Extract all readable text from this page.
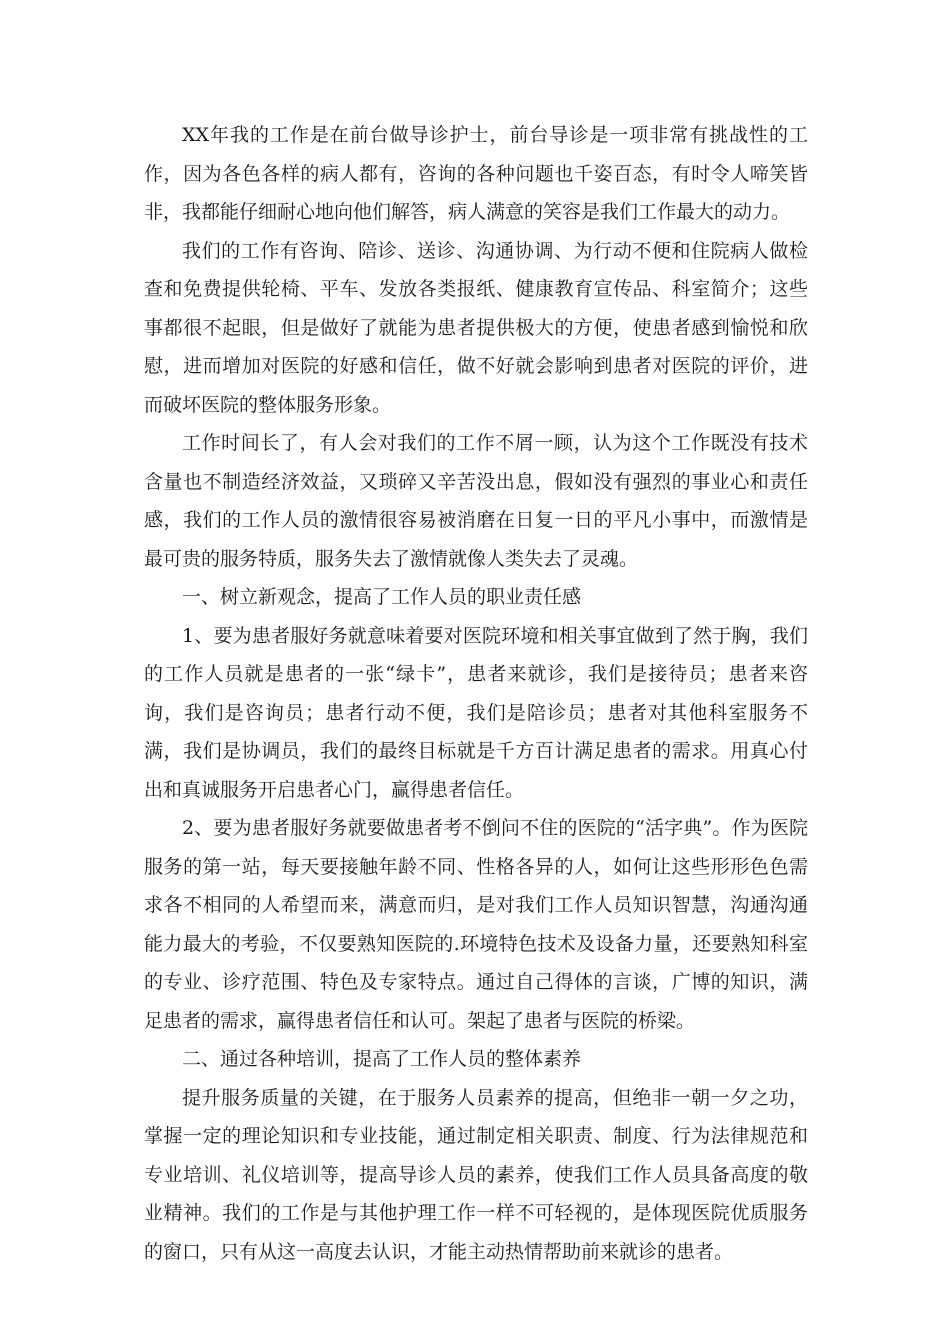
XX年我的工作是在前台做导诊护士，前台导诊是一项非常有挑战性的工作，因为各色各样的病人都有，咨询的各种问题也千姿百态，有时令人啼笑皆非，我都能仔细耐心地向他们解答，病人满意的笑容是我们工作最大的动力。

我们的工作有咨询、陪诊、送诊、沟通协调、为行动不便和住院病人做检查和免费提供轮椅、平车、发放各类报纸、健康教育宣传品、科室简介；这些事都很不起眼，但是做好了就能为患者提供极大的方便，使患者感到愉悦和欣慰，进而增加对医院的好感和信任，做不好就会影响到患者对医院的评价，进而破坏医院的整体服务形象。

工作时间长了，有人会对我们的工作不屑一顾，认为这个工作既没有技术含量也不制造经济效益，又琐碎又辛苦没出息，假如没有强烈的事业心和责任感，我们的工作人员的激情很容易被消磨在日复一日的平凡小事中，而激情是最可贵的服务特质，服务失去了激情就像人类失去了灵魂。

一、树立新观念，提高了工作人员的职业责任感

1、要为患者服好务就意味着要对医院环境和相关事宜做到了然于胸，我们的工作人员就是患者的一张“绿卡”，患者来就诊，我们是接待员；患者来咨询，我们是咨询员；患者行动不便，我们是陪诊员；患者对其他科室服务不满，我们是协调员，我们的最终目标就是千方百计满足患者的需求。用真心付出和真诚服务开启患者心门，赢得患者信任。

2、要为患者服好务就要做患者考不倒问不住的医院的“活字典”。作为医院服务的第一站，每天要接触年龄不同、性格各异的人，如何让这些形形色色需求各不相同的人希望而来，满意而归，是对我们工作人员知识智慧，沟通沟通能力最大的考验，不仅要熟知医院的.环境特色技术及设备力量，还要熟知科室的专业、诊疗范围、特色及专家特点。通过自己得体的言谈，广博的知识，满足患者的需求，赢得患者信任和认可。架起了患者与医院的桥梁。

二、通过各种培训，提高了工作人员的整体素养

提升服务质量的关键，在于服务人员素养的提高，但绝非一朝一夕之功，掌握一定的理论知识和专业技能，通过制定相关职责、制度、行为法律规范和专业培训、礼仪培训等，提高导诊人员的素养，使我们工作人员具备高度的敬业精神。我们的工作是与其他护理工作一样不可轻视的，是体现医院优质服务的窗口，只有从这一高度去认识，才能主动热情帮助前来就诊的患者。
